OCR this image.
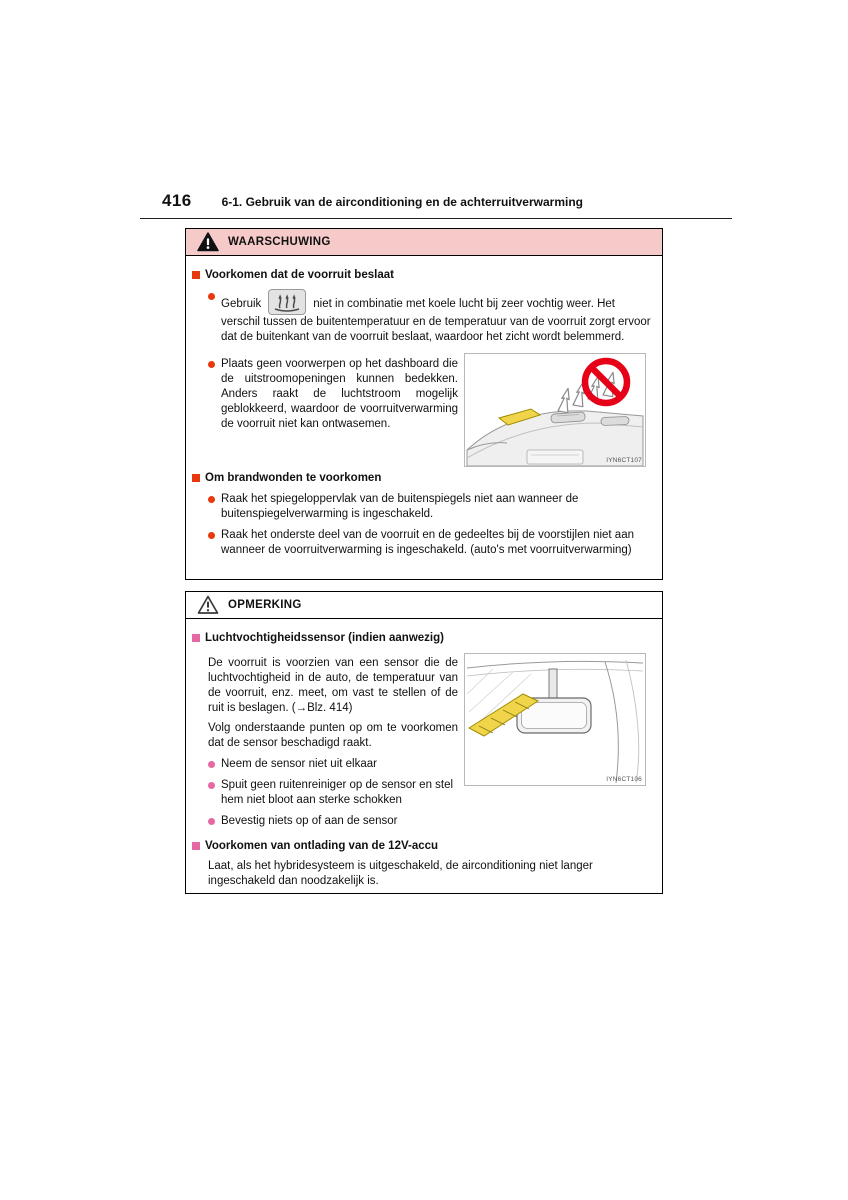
416	6-1. Gebruik van de airconditioning en de achterruitverwarming
WAARSCHUWING
Voorkomen dat de voorruit beslaat
Gebruik	niet in combinatie met koele lucht bij zeer vochtig weer. Het verschil tussen de buitentemperatuur en de temperatuur van de voorruit zorgt ervoor dat de buitenkant van de voorruit beslaat, waardoor het zicht wordt belemmerd.
Plaats geen voorwerpen op het dashboard die de uitstroomopeningen kunnen bedekken. Anders raakt de luchtstroom mogelijk geblokkeerd, waardoor de voorruitverwarming de voorruit niet kan ontwasemen.
IYN6CT107
Om brandwonden te voorkomen
Raak het spiegeloppervlak van de buitenspiegels niet aan wanneer de buitenspiegelverwarming is ingeschakeld.
Raak het onderste deel van de voorruit en de gedeeltes bij de voorstijlen niet aan wanneer de voorruitverwarming is ingeschakeld. (auto's met voorruitverwarming)
OPMERKING
Luchtvochtigheidssensor (indien aanwezig)

De voorruit is voorzien van een sensor die de luchtvochtigheid in de auto, de temperatuur van de voorruit, enz. meet, om vast te stellen of de ruit is beslagen. (→Blz. 414)

Volg onderstaande punten op om te voorkomen dat de sensor beschadigd raakt.

Neem de sensor niet uit elkaar
Spuit geen ruitenreiniger op de sensor en stel hem niet bloot aan sterke schokken
Bevestig niets op of aan de sensor
IYN6CT106
Voorkomen van ontlading van de 12V-accu

Laat, als het hybridesysteem is uitgeschakeld, de airconditioning niet langer ingeschakeld dan noodzakelijk is.
